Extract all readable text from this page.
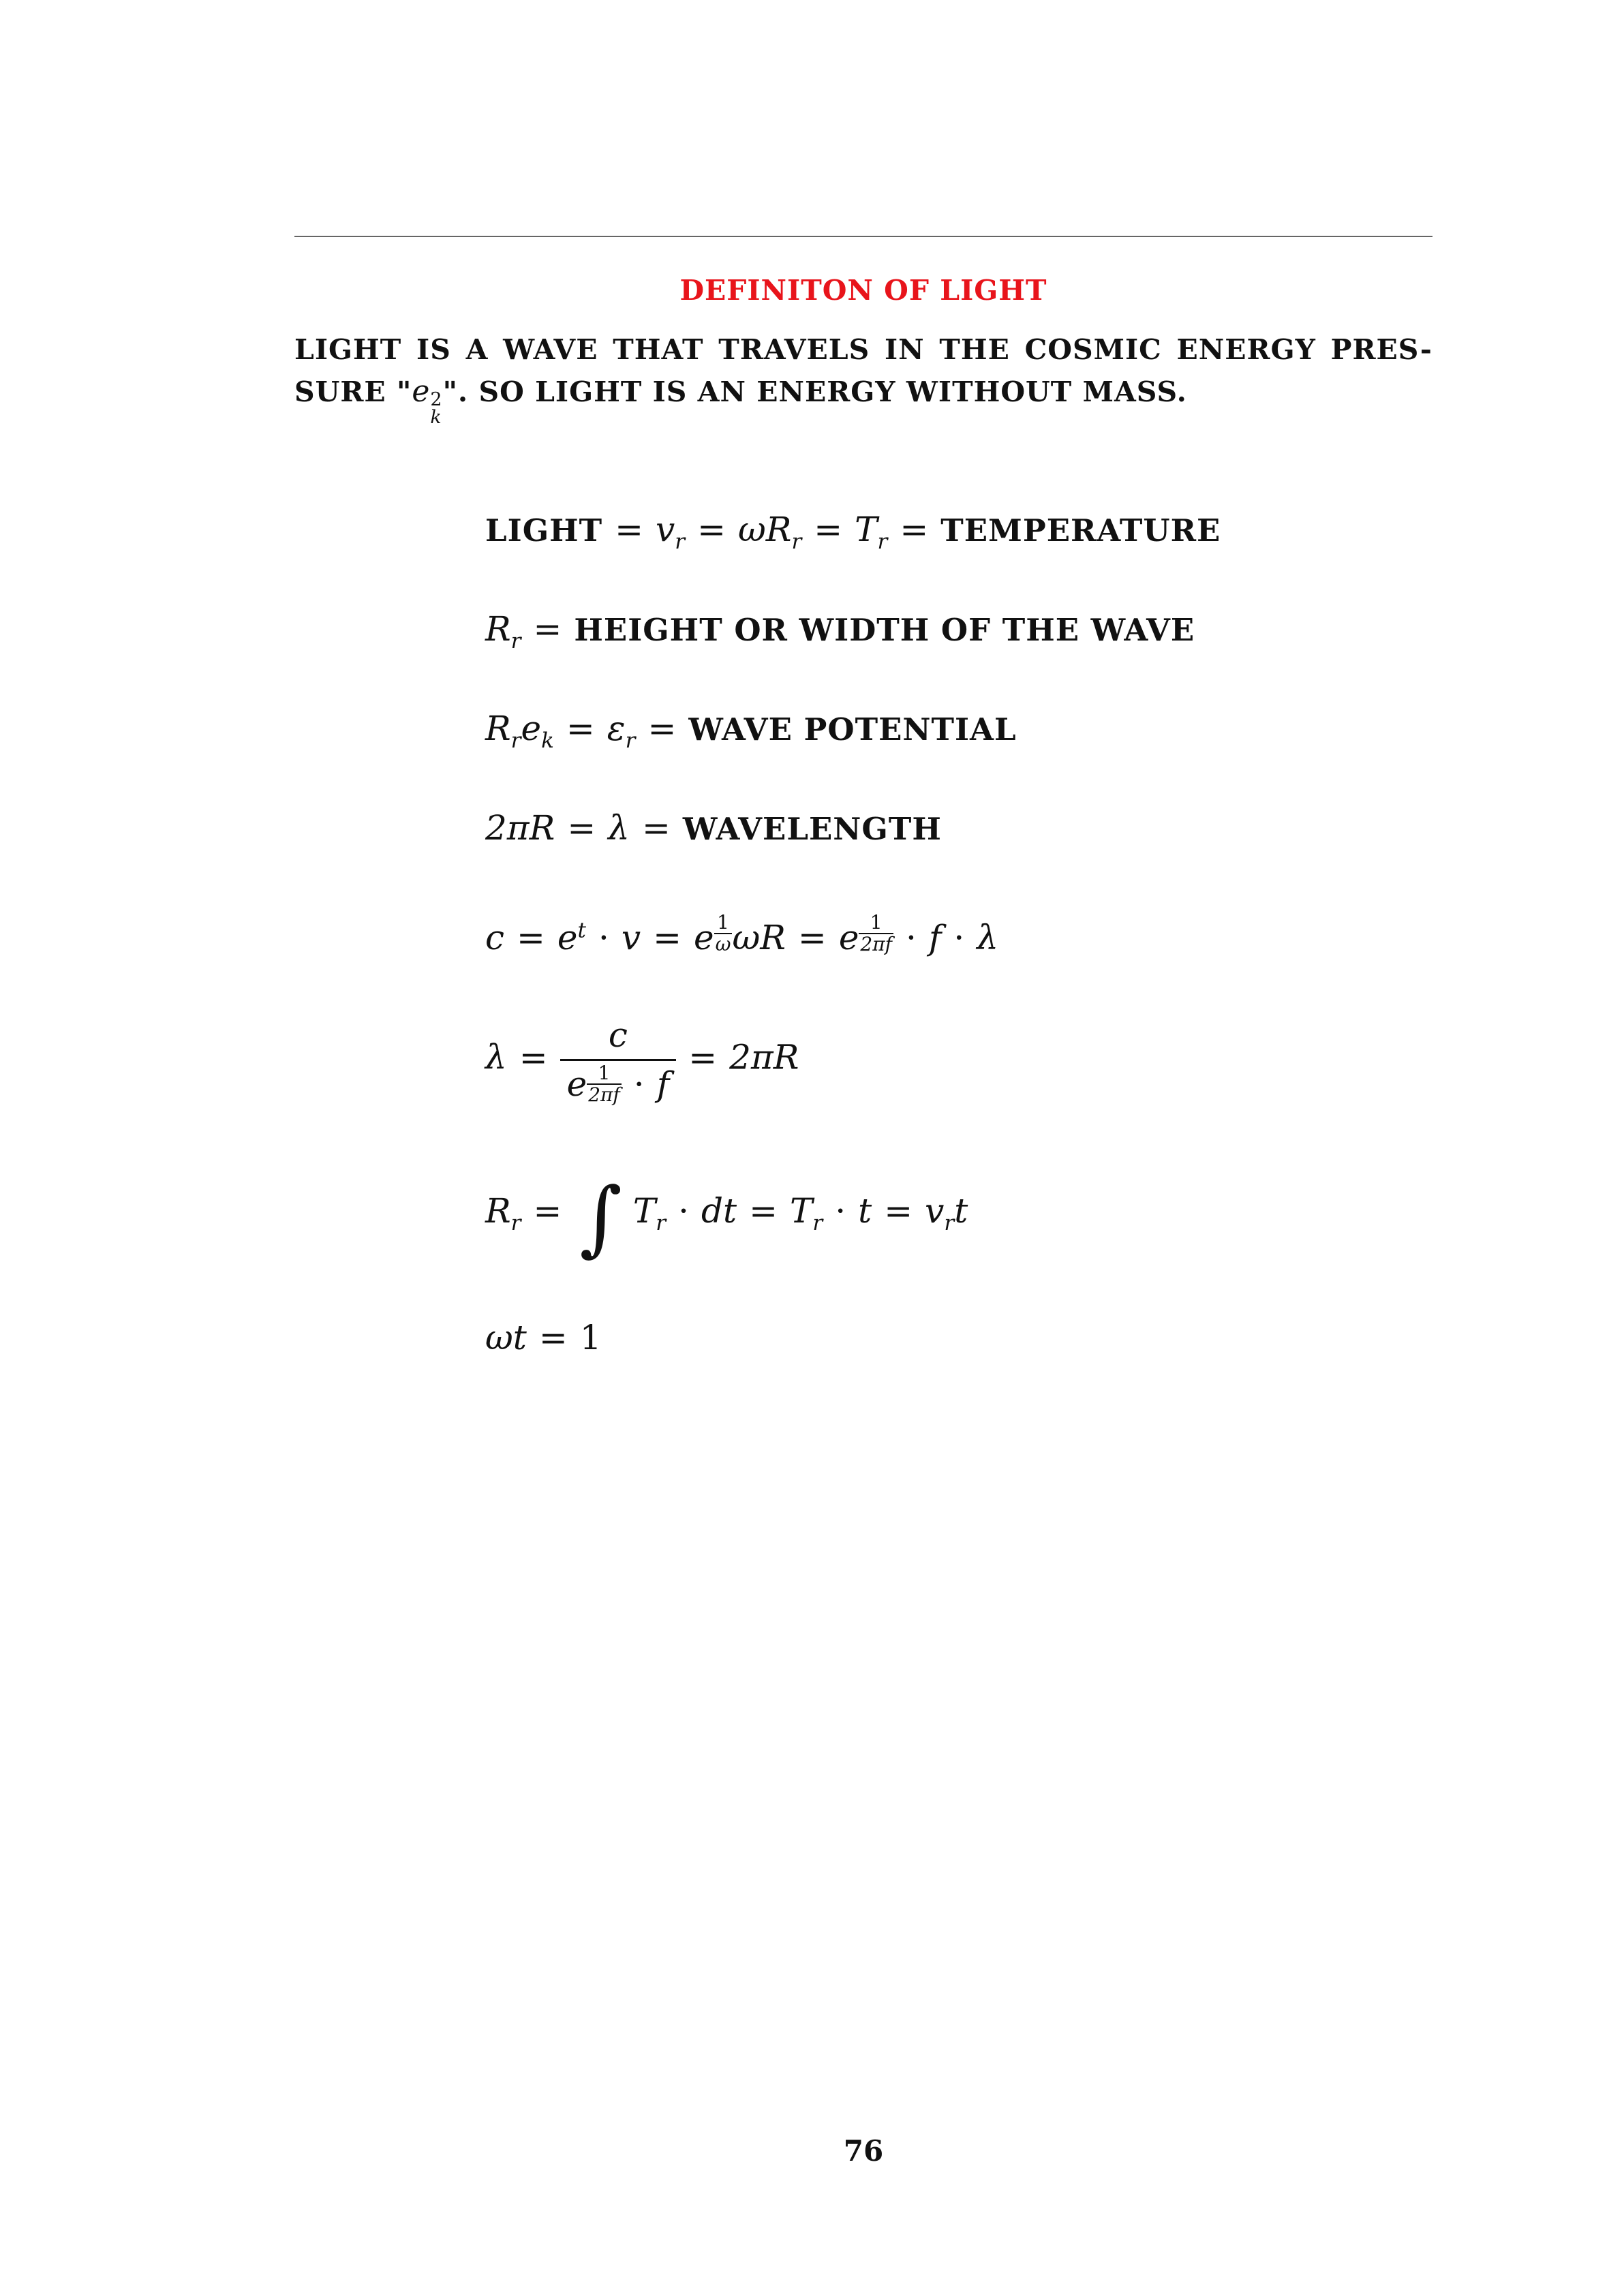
DEFINITON OF LIGHT
LIGHT IS A WAVE THAT TRAVELS IN THE COSMIC ENERGY PRES-
SURE "e 2
k
". SO LIGHT IS AN ENERGY WITHOUT MASS.
LIGHT = $v_r = \omega R_r = T_r$ = TEMPERATURE
$R_r$ = HEIGHT OR WIDTH OF THE WAVE
$R_re_k = \varepsilon_r$ = WAVE POTENTIAL
2πR = λ = WAVELENGTH
$c = e^t \cdot v = e \frac{1}{\omega}$ ωR = e $\frac{1}{2\pi f} \cdot f \cdot \lambda$
$\lambda = \frac{c}{e \frac{1}{2\pi f} \cdot f} = 2\pi R$
$R_r$ = ∫ $T_r$ · dt = $T_r \cdot t = v_rt$
ωt = 1
76
